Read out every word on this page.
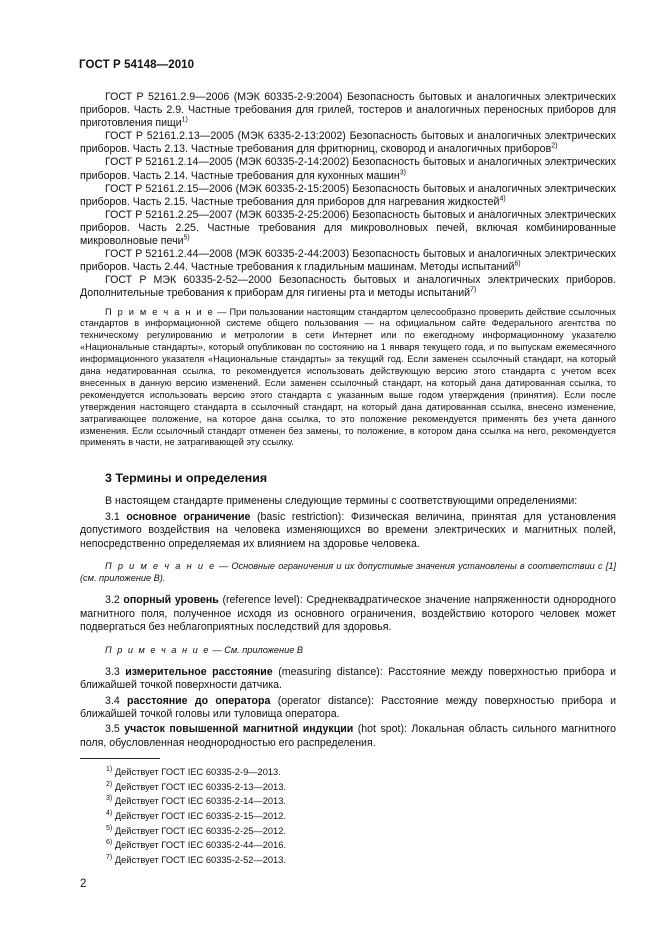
ГОСТ Р 54148—2010

ГОСТ Р 52161.2.9—2006 (МЭК 60335-2-9:2004) Безопасность бытовых и аналогичных электрических приборов. Часть 2.9. Частные требования для грилей, тостеров и аналогичных переносных приборов для приготовления пищи$^{1)}$

ГОСТ Р 52161.2.13—2005 (МЭК 6335-2-13:2002) Безопасность бытовых и аналогичных электрических приборов. Часть 2.13. Частные требования для фритюрниц, сковород и аналогичных приборов$^{2)}$

ГОСТ Р 52161.2.14—2005 (МЭК 60335-2-14:2002) Безопасность бытовых и аналогичных электрических приборов. Часть 2.14. Частные требования для кухонных машин$^{3)}$

ГОСТ Р 52161.2.15—2006 (МЭК 60335-2-15:2005) Безопасность бытовых и аналогичных электрических приборов. Часть 2.15. Частные требования для приборов для нагревания жидкостей$^{4)}$

ГОСТ Р 52161.2.25—2007 (МЭК 60335-2-25:2006) Безопасность бытовых и аналогичных электрических приборов. Часть 2.25. Частные требования для микроволновых печей, включая комбинированные микроволновые печи$^{5)}$

ГОСТ Р 52161.2.44—2008 (МЭК 60335-2-44:2003) Безопасность бытовых и аналогичных электрических приборов. Часть 2.44. Частные требования к гладильным машинам. Методы испытаний$^{6)}$

ГОСТ Р МЭК 60335-2-52—2000 Безопасность бытовых и аналогичных электрических приборов. Дополнительные требования к приборам для гигиены рта и методы испытаний$^{7)}$

П р и м е ч а н и е — При пользовании настоящим стандартом целесообразно проверить действие ссылочных стандартов в информационной системе общего пользования — на официальном сайте Федерального агентства по техническому регулированию и метрологии в сети Интернет или по ежегодному информационному указателю «Национальные стандарты», который опубликован по состоянию на 1 января текущего года, и по выпускам ежемесячного информационного указателя «Национальные стандарты» за текущий год. Если заменен ссылочный стандарт, на который дана недатированная ссылка, то рекомендуется использовать действующую версию этого стандарта с учетом всех внесенных в данную версию изменений. Если заменен ссылочный стандарт, на который дана датированная ссылка, то рекомендуется использовать версию этого стандарта с указанным выше годом утверждения (принятия). Если после утверждения настоящего стандарта в ссылочный стандарт, на который дана датированная ссылка, внесено изменение, затрагивающее положение, на которое дана ссылка, то это положение рекомендуется применять без учета данного изменения. Если ссылочный стандарт отменен без замены, то положение, в котором дана ссылка на него, рекомендуется применять в части, не затрагивающей эту ссылку.

3 Термины и определения

В настоящем стандарте применены следующие термины с соответствующими определениями:

3.1 основное ограничение (basic restriction): Физическая величина, принятая для установления допустимого воздействия на человека изменяющихся во времени электрических и магнитных полей, непосредственно определяемая их влиянием на здоровье человека.

П р и м е ч а н и е — Основные ограничения и их допустимые значения установлены в соответствии с [1] (см. приложение В).

3.2 опорный уровень (reference level): Среднеквадратическое значение напряженности однородного магнитного поля, полученное исходя из основного ограничения, воздействию которого человек может подвергаться без неблагоприятных последствий для здоровья.

П р и м е ч а н и е — См. приложение В

3.3 измерительное расстояние (measuring distance): Расстояние между поверхностью прибора и ближайшей точкой поверхности датчика.

3.4 расстояние до оператора (operator distance): Расстояние между поверхностью прибора и ближайшей точкой головы или туловища оператора.

3.5 участок повышенной магнитной индукции (hot spot): Локальная область сильного магнитного поля, обусловленная неоднородностью его распределения.

$^{1)}$ Действует ГОСТ IEC 60335-2-9—2013.

$^{2)}$ Действует ГОСТ IEC 60335-2-13—2013.

$^{3)}$ Действует ГОСТ IEC 60335-2-14—2013.

$^{4)}$ Действует ГОСТ IEC 60335-2-15—2012.

$^{5)}$ Действует ГОСТ IEC 60335-2-25—2012.

$^{6)}$ Действует ГОСТ IEC 60335-2-44—2016.

$^{7)}$ Действует ГОСТ IEC 60335-2-52—2013.

2
